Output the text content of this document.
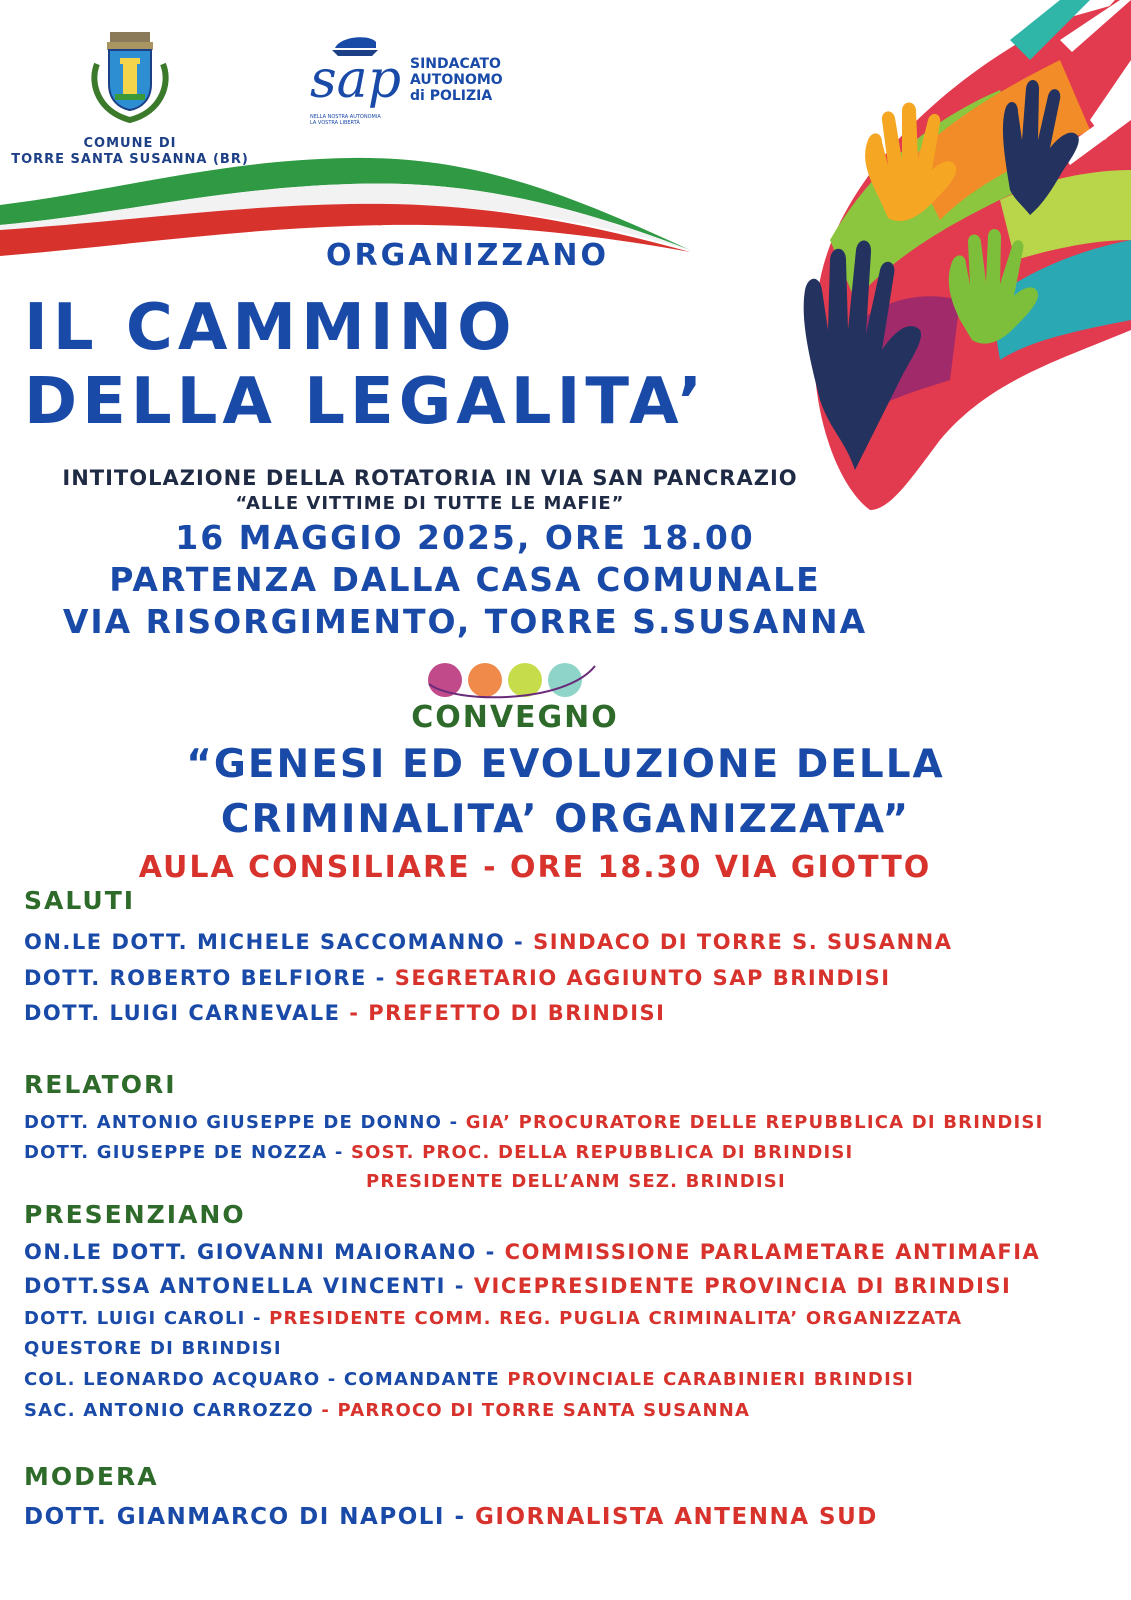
COMUNE DI
TORRE SANTA SUSANNA (BR)
sap SINDACATO
AUTONOMO
di POLIZIA
NELLA NOSTRA AUTONOMIA
LA VOSTRA LIBERTÀ
ORGANIZZANO
IL CAMMINO
DELLA LEGALITA’
INTITOLAZIONE DELLA ROTATORIA IN VIA SAN PANCRAZIO
“ALLE VITTIME DI TUTTE LE MAFIE”
16 MAGGIO 2025, ORE 18.00
PARTENZA DALLA CASA COMUNALE
VIA RISORGIMENTO, TORRE S.SUSANNA
CONVEGNO
“GENESI ED EVOLUZIONE DELLA
CRIMINALITA’ ORGANIZZATA”
AULA CONSILIARE - ORE 18.30 VIA GIOTTO
SALUTI
ON.LE DOTT. MICHELE SACCOMANNO - SINDACO DI TORRE S. SUSANNA
DOTT. ROBERTO BELFIORE - SEGRETARIO AGGIUNTO SAP BRINDISI
DOTT. LUIGI CARNEVALE - PREFETTO DI BRINDISI
RELATORI
DOTT. ANTONIO GIUSEPPE DE DONNO - GIA’ PROCURATORE DELLE REPUBBLICA DI BRINDISI
DOTT. GIUSEPPE DE NOZZA - SOST. PROC. DELLA REPUBBLICA DI BRINDISI
PRESIDENTE DELL’ANM SEZ. BRINDISI
PRESENZIANO
ON.LE DOTT. GIOVANNI MAIORANO - COMMISSIONE PARLAMETARE ANTIMAFIA
DOTT.SSA ANTONELLA VINCENTI - VICEPRESIDENTE PROVINCIA DI BRINDISI
DOTT. LUIGI CAROLI - PRESIDENTE COMM. REG. PUGLIA CRIMINALITA’ ORGANIZZATA
QUESTORE DI BRINDISI
COL. LEONARDO ACQUARO - COMANDANTE PROVINCIALE CARABINIERI BRINDISI
SAC. ANTONIO CARROZZO - PARROCO DI TORRE SANTA SUSANNA
MODERA
DOTT. GIANMARCO DI NAPOLI - GIORNALISTA ANTENNA SUD
